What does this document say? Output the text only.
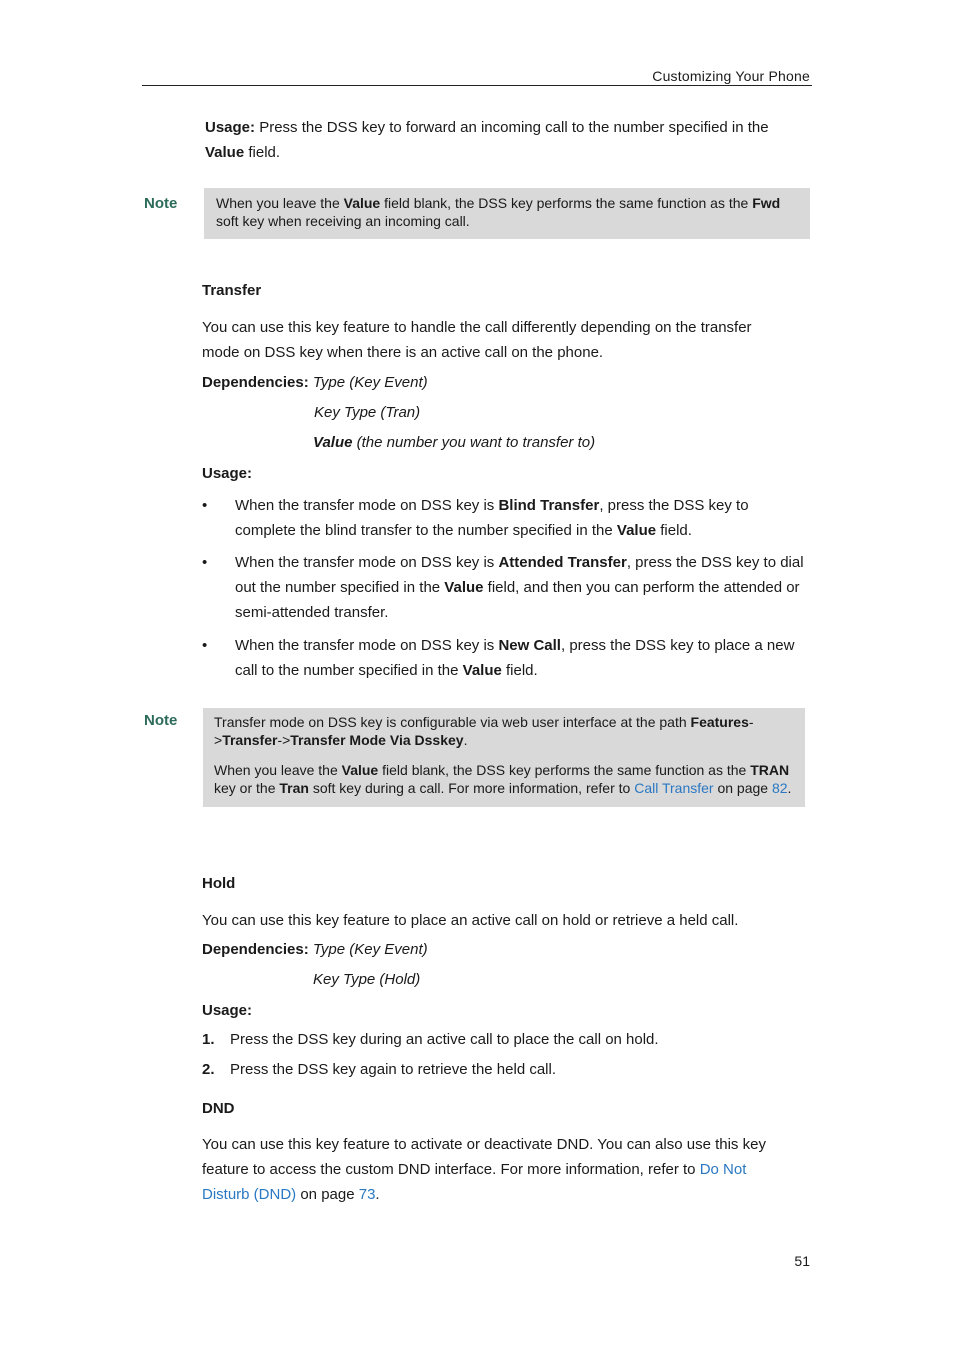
Customizing Your Phone

Usage: Press the DSS key to forward an incoming call to the number specified in the Value field.

Note	When you leave the Value field blank, the DSS key performs the same function as the Fwd soft key when receiving an incoming call.

Transfer

You can use this key feature to handle the call differently depending on the transfer mode on DSS key when there is an active call on the phone.

Dependencies: Type (Key Event)
Key Type (Tran)
Value (the number you want to transfer to)
Usage:
• When the transfer mode on DSS key is Blind Transfer, press the DSS key to complete the blind transfer to the number specified in the Value field.

• When the transfer mode on DSS key is Attended Transfer, press the DSS key to dial out the number specified in the Value field, and then you can perform the attended or semi-attended transfer.

• When the transfer mode on DSS key is New Call, press the DSS key to place a new call to the number specified in the Value field.

Note	Transfer mode on DSS key is configurable via web user interface at the path Features->Transfer->Transfer Mode Via Dsskey.

When you leave the Value field blank, the DSS key performs the same function as the TRAN key or the Tran soft key during a call. For more information, refer to Call Transfer on page 82.

Hold

You can use this key feature to place an active call on hold or retrieve a held call.

Dependencies: Type (Key Event)
Key Type (Hold)
Usage:
1. Press the DSS key during an active call to place the call on hold.
2. Press the DSS key again to retrieve the held call.
DND

You can use this key feature to activate or deactivate DND. You can also use this key feature to access the custom DND interface. For more information, refer to Do Not Disturb (DND) on page 73.

51
